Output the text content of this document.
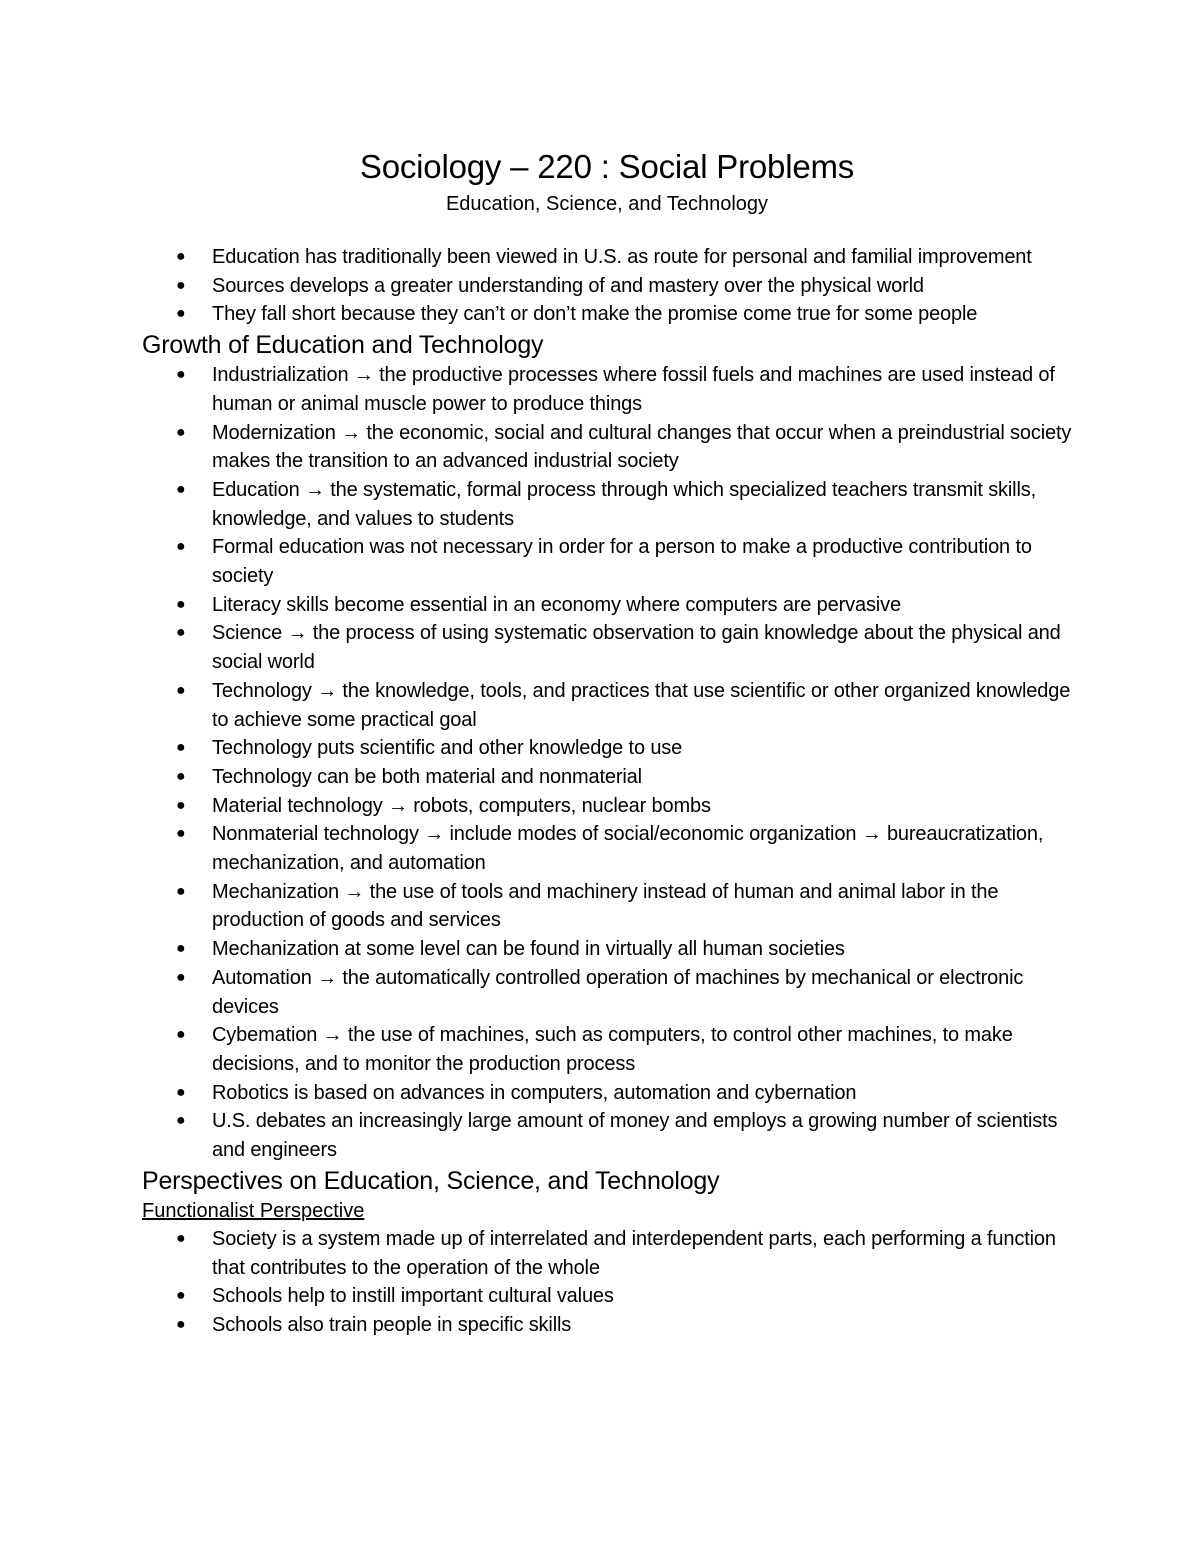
Sociology – 220 : Social Problems
Education, Science, and Technology
● Education has traditionally been viewed in U.S. as route for personal and familial improvement
● Sources develops a greater understanding of and mastery over the physical world
● They fall short because they can’t or don’t make the promise come true for some people
Growth of Education and Technology
● Industrialization → the productive processes where fossil fuels and machines are used instead of human or animal muscle power to produce things
● Modernization → the economic, social and cultural changes that occur when a preindustrial society makes the transition to an advanced industrial society
● Education → the systematic, formal process through which specialized teachers transmit skills, knowledge, and values to students
● Formal education was not necessary in order for a person to make a productive contribution to society
● Literacy skills become essential in an economy where computers are pervasive
● Science → the process of using systematic observation to gain knowledge about the physical and social world
● Technology → the knowledge, tools, and practices that use scientific or other organized knowledge to achieve some practical goal
● Technology puts scientific and other knowledge to use
● Technology can be both material and nonmaterial
● Material technology → robots, computers, nuclear bombs
● Nonmaterial technology → include modes of social/economic organization → bureaucratization, mechanization, and automation
● Mechanization → the use of tools and machinery instead of human and animal labor in the production of goods and services
● Mechanization at some level can be found in virtually all human societies
● Automation → the automatically controlled operation of machines by mechanical or electronic devices
● Cybemation → the use of machines, such as computers, to control other machines, to make decisions, and to monitor the production process
● Robotics is based on advances in computers, automation and cybernation
● U.S. debates an increasingly large amount of money and employs a growing number of scientists and engineers
Perspectives on Education, Science, and Technology
Functionalist Perspective
● Society is a system made up of interrelated and interdependent parts, each performing a function that contributes to the operation of the whole
● Schools help to instill important cultural values
● Schools also train people in specific skills
